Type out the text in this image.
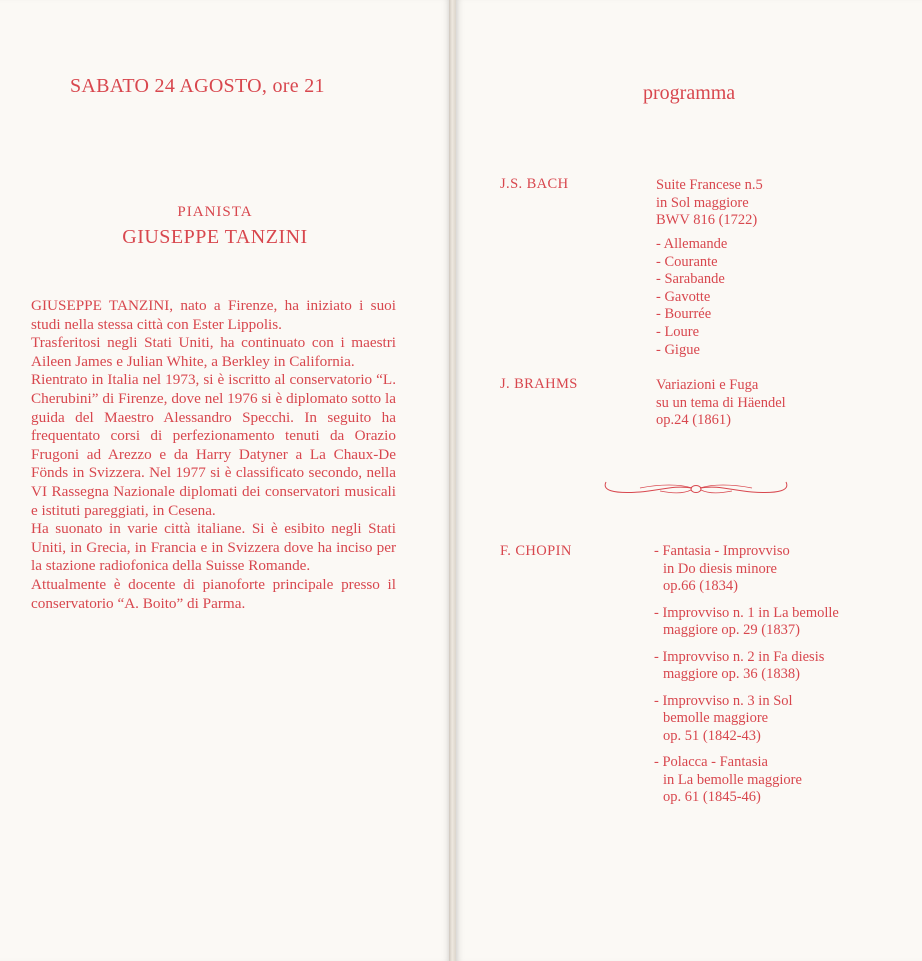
SABATO 24 AGOSTO, ore 21
PIANISTA
GIUSEPPE TANZINI

GIUSEPPE TANZINI, nato a Firenze, ha iniziato i suoi studi nella stessa città con Ester Lippolis.

Trasferitosi negli Stati Uniti, ha continuato con i maestri Aileen James e Julian White, a Berkley in California.

Rientrato in Italia nel 1973, si è iscritto al conservatorio “L. Cherubini” di Firenze, dove nel 1976 si è diplomato sotto la guida del Maestro Alessandro Specchi. In seguito ha frequentato corsi di perfezionamento tenuti da Orazio Frugoni ad Arezzo e da Harry Datyner a La Chaux-De Fönds in Svizzera. Nel 1977 si è classificato secondo, nella VI Rassegna Nazionale diplomati dei conservatori musicali e istituti pareggiati, in Cesena.

Ha suonato in varie città italiane. Si è esibito negli Stati Uniti, in Grecia, in Francia e in Svizzera dove ha inciso per la stazione radiofonica della Suisse Romande.

Attualmente è docente di pianoforte principale presso il conservatorio “A. Boito” di Parma.

programma
J.S. BACH	Suite Francese n.5
in Sol maggiore
BWV 816 (1722)
- Allemande
- Courante
- Sarabande
- Gavotte
- Bourrée
- Loure
- Gigue
J. BRAHMS	Variazioni e Fuga
su un tema di Häendel
op.24 (1861)
F. CHOPIN	- Fantasia - Improvviso
in Do diesis minore
op.66 (1834)
- Improvviso n. 1 in La bemolle
maggiore op. 29 (1837)
- Improvviso n. 2 in Fa diesis
maggiore op. 36 (1838)
- Improvviso n. 3 in Sol
bemolle maggiore
op. 51 (1842-43)
- Polacca - Fantasia
in La bemolle maggiore
op. 61 (1845-46)
